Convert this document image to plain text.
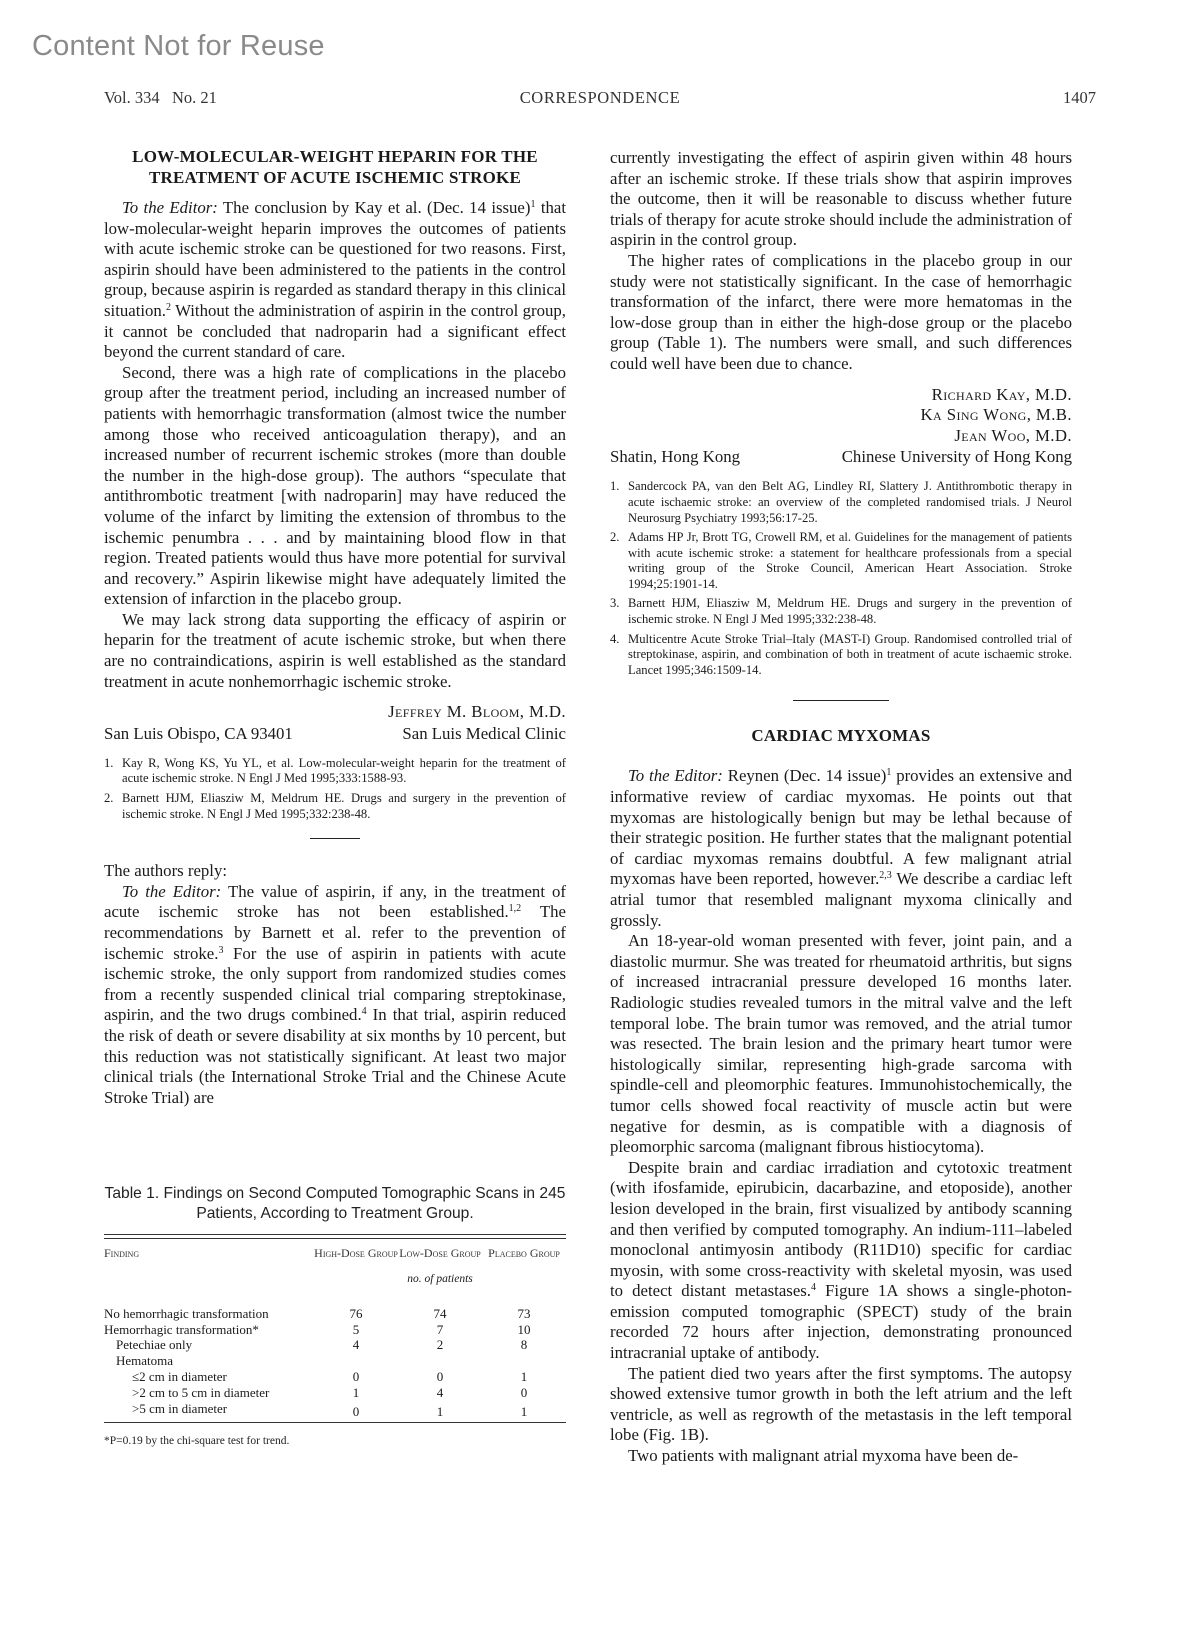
Content Not for Reuse
Vol. 334   No. 21	CORRESPONDENCE	1407
LOW-MOLECULAR-WEIGHT HEPARIN FOR THE TREATMENT OF ACUTE ISCHEMIC STROKE

To the Editor: The conclusion by Kay et al. (Dec. 14 issue)$^1$ that low-molecular-weight heparin improves the outcomes of patients with acute ischemic stroke can be questioned for two reasons. First, aspirin should have been administered to the patients in the control group, because aspirin is regarded as standard therapy in this clinical situation.$^2$ Without the administration of aspirin in the control group, it cannot be concluded that nadroparin had a significant effect beyond the current standard of care.

Second, there was a high rate of complications in the placebo group after the treatment period, including an increased number of patients with hemorrhagic transformation (almost twice the number among those who received anticoagulation therapy), and an increased number of recurrent ischemic strokes (more than double the number in the high-dose group). The authors “speculate that antithrombotic treatment [with nadroparin] may have reduced the volume of the infarct by limiting the extension of thrombus to the ischemic penumbra . . . and by maintaining blood flow in that region. Treated patients would thus have more potential for survival and recovery.” Aspirin likewise might have adequately limited the extension of infarction in the placebo group.

We may lack strong data supporting the efficacy of aspirin or heparin for the treatment of acute ischemic stroke, but when there are no contraindications, aspirin is well established as the standard treatment in acute nonhemorrhagic ischemic stroke.

Jeffrey M. Bloom, M.D.
San Luis Obispo, CA 93401	San Luis Medical Clinic
1. Kay R, Wong KS, Yu YL, et al. Low-molecular-weight heparin for the treatment of acute ischemic stroke. N Engl J Med 1995;333:1588-93.
2. Barnett HJM, Eliasziw M, Meldrum HE. Drugs and surgery in the prevention of ischemic stroke. N Engl J Med 1995;332:238-48.

The authors reply:

To the Editor: The value of aspirin, if any, in the treatment of acute ischemic stroke has not been established.$^{1,2}$ The recommendations by Barnett et al. refer to the prevention of ischemic stroke.$^3$ For the use of aspirin in patients with acute ischemic stroke, the only support from randomized studies comes from a recently suspended clinical trial comparing streptokinase, aspirin, and the two drugs combined.$^4$ In that trial, aspirin reduced the risk of death or severe disability at six months by 10 percent, but this reduction was not statistically significant. At least two major clinical trials (the International Stroke Trial and the Chinese Acute Stroke Trial) are

Table 1. Findings on Second Computed Tomographic Scans in 245 Patients, According to Treatment Group.
Finding	High-Dose Group	Low-Dose Group	Placebo Group
	no. of patients		
No hemorrhagic transformation	76	74	73
Hemorrhagic transformation*	5	7	10
Petechiae only	4	2	8
Hematoma			
≤2 cm in diameter	0	0	1
>2 cm to 5 cm in diameter	1	4	0
>5 cm in diameter	0	1	1
*P=0.19 by the chi-square test for trend.

currently investigating the effect of aspirin given within 48 hours after an ischemic stroke. If these trials show that aspirin improves the outcome, then it will be reasonable to discuss whether future trials of therapy for acute stroke should include the administration of aspirin in the control group.

The higher rates of complications in the placebo group in our study were not statistically significant. In the case of hemorrhagic transformation of the infarct, there were more hematomas in the low-dose group than in either the high-dose group or the placebo group (Table 1). The numbers were small, and such differences could well have been due to chance.

Richard Kay, M.D.
Ka Sing Wong, M.B.
Jean Woo, M.D.
Shatin, Hong Kong	Chinese University of Hong Kong
1. Sandercock PA, van den Belt AG, Lindley RI, Slattery J. Antithrombotic therapy in acute ischaemic stroke: an overview of the completed randomised trials. J Neurol Neurosurg Psychiatry 1993;56:17-25.
2. Adams HP Jr, Brott TG, Crowell RM, et al. Guidelines for the management of patients with acute ischemic stroke: a statement for healthcare professionals from a special writing group of the Stroke Council, American Heart Association. Stroke 1994;25:1901-14.
3. Barnett HJM, Eliasziw M, Meldrum HE. Drugs and surgery in the prevention of ischemic stroke. N Engl J Med 1995;332:238-48.
4. Multicentre Acute Stroke Trial–Italy (MAST-I) Group. Randomised controlled trial of streptokinase, aspirin, and combination of both in treatment of acute ischaemic stroke. Lancet 1995;346:1509-14.
CARDIAC MYXOMAS

To the Editor: Reynen (Dec. 14 issue)$^1$ provides an extensive and informative review of cardiac myxomas. He points out that myxomas are histologically benign but may be lethal because of their strategic position. He further states that the malignant potential of cardiac myxomas remains doubtful. A few malignant atrial myxomas have been reported, however.$^{2,3}$ We describe a cardiac left atrial tumor that resembled malignant myxoma clinically and grossly.

An 18-year-old woman presented with fever, joint pain, and a diastolic murmur. She was treated for rheumatoid arthritis, but signs of increased intracranial pressure developed 16 months later. Radiologic studies revealed tumors in the mitral valve and the left temporal lobe. The brain tumor was removed, and the atrial tumor was resected. The brain lesion and the primary heart tumor were histologically similar, representing high-grade sarcoma with spindle-cell and pleomorphic features. Immunohistochemically, the tumor cells showed focal reactivity of muscle actin but were negative for desmin, as is compatible with a diagnosis of pleomorphic sarcoma (malignant fibrous histiocytoma).

Despite brain and cardiac irradiation and cytotoxic treatment (with ifosfamide, epirubicin, dacarbazine, and etoposide), another lesion developed in the brain, first visualized by antibody scanning and then verified by computed tomography. An indium-111–labeled monoclonal antimyosin antibody (R11D10) specific for cardiac myosin, with some cross-reactivity with skeletal myosin, was used to detect distant metastases.$^4$ Figure 1A shows a single-photon-emission computed tomographic (SPECT) study of the brain recorded 72 hours after injection, demonstrating pronounced intracranial uptake of antibody.

The patient died two years after the first symptoms. The autopsy showed extensive tumor growth in both the left atrium and the left ventricle, as well as regrowth of the metastasis in the left temporal lobe (Fig. 1B).

Two patients with malignant atrial myxoma have been de-
